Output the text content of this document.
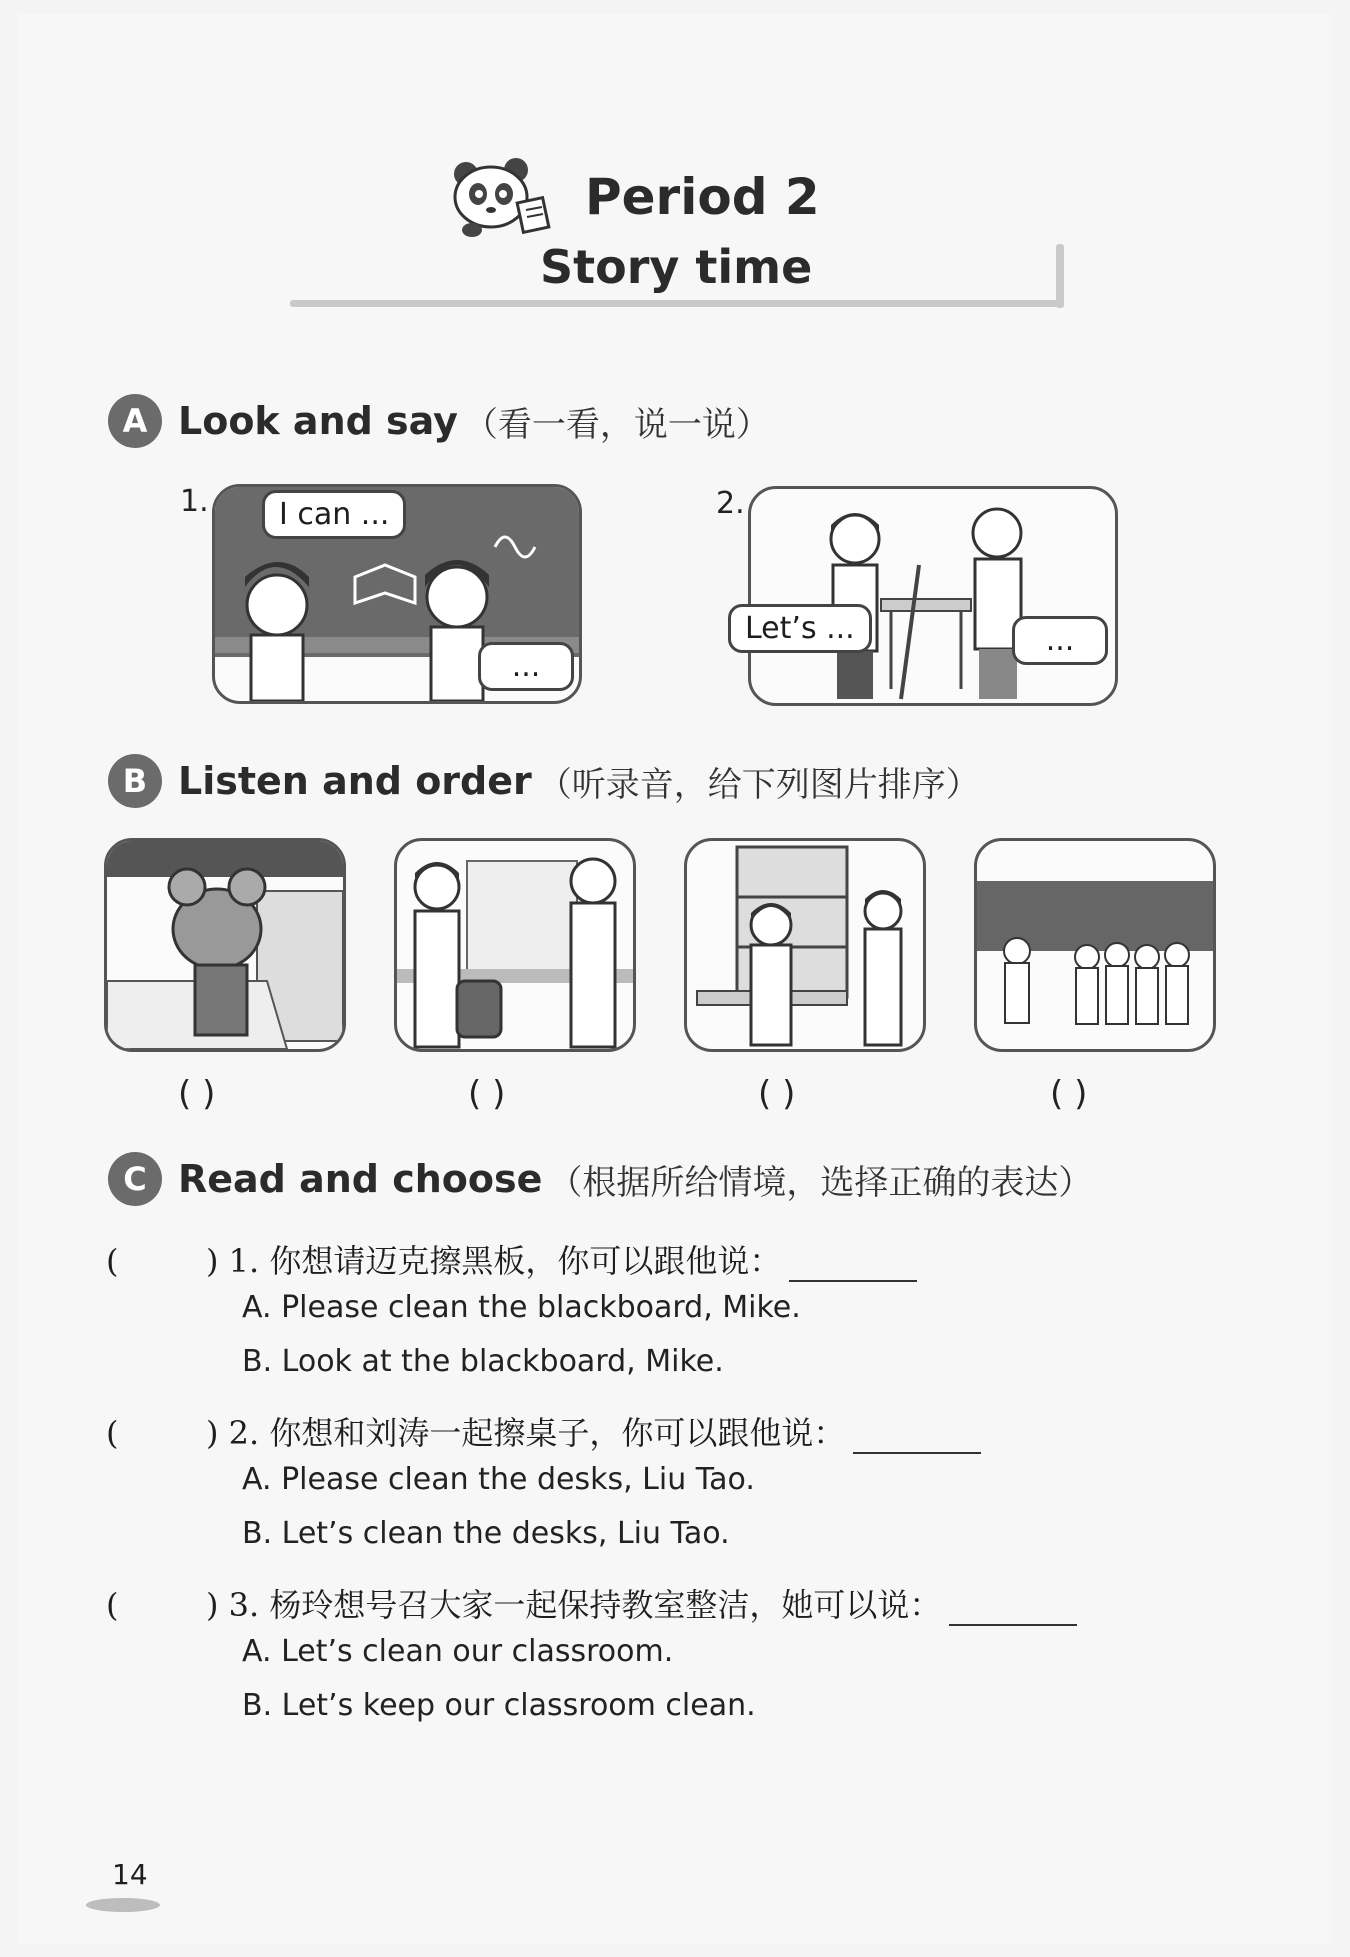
Period 2
Story time
A Look and say （看一看，说一说）
1.	I can ...
...
2.
Let’s ...	...
B Listen and order （听录音，给下列图片排序）
( )	( )	( )	( )
C Read and choose （根据所给情境，选择正确的表达）
(	) 1. 你想请迈克擦黑板，你可以跟他说：
A. Please clean the blackboard, Mike.
B. Look at the blackboard, Mike.
(	) 2. 你想和刘涛一起擦桌子，你可以跟他说：
A. Please clean the desks, Liu Tao.
B. Let’s clean the desks, Liu Tao.
(	) 3. 杨玲想号召大家一起保持教室整洁，她可以说：
A. Let’s clean our classroom.
B. Let’s keep our classroom clean.
14
